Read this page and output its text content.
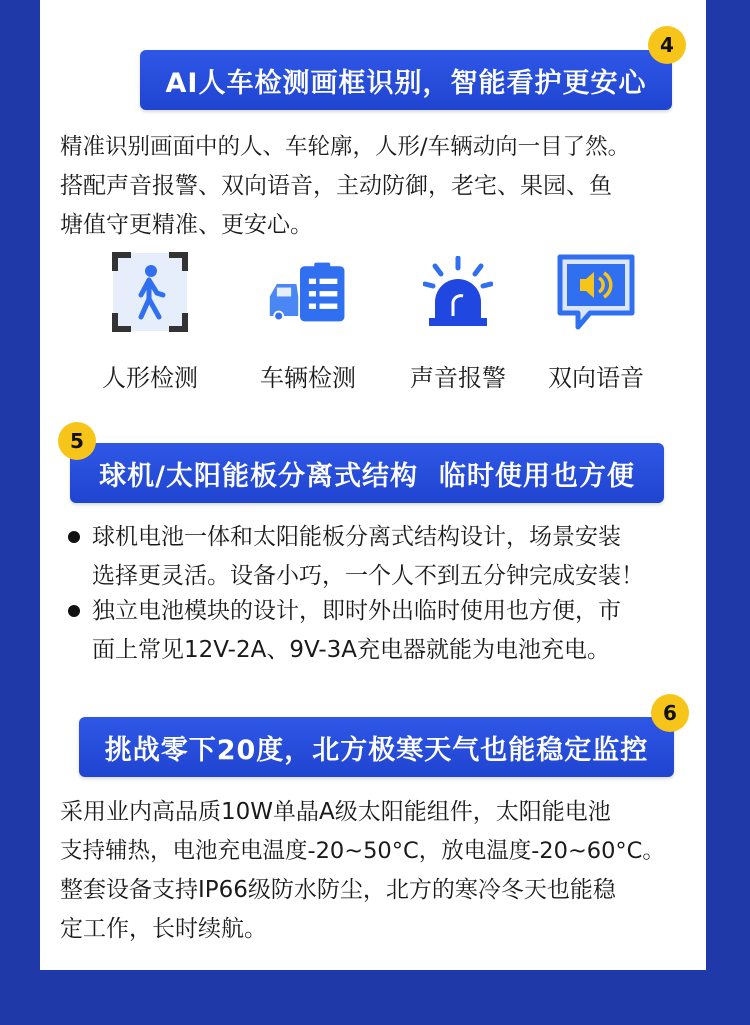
AI人车检测画框识别，智能看护更安心
4
精准识别画面中的人、车轮廓，人形/车辆动向一目了然。
搭配声音报警、双向语音，主动防御，老宅、果园、鱼
塘值守更精准、更安心。
人形检测	车辆检测	声音报警	双向语音
球机/太阳能板分离式结构  临时使用也方便
5
球机电池一体和太阳能板分离式结构设计，场景安装
选择更灵活。设备小巧，一个人不到五分钟完成安装！
独立电池模块的设计，即时外出临时使用也方便，市
面上常见12V-2A、9V-3A充电器就能为电池充电。
挑战零下20度，北方极寒天气也能稳定监控
6
采用业内高品质10W单晶A级太阳能组件，太阳能电池
支持辅热，电池充电温度-20~50°C，放电温度-20~60°C。
整套设备支持IP66级防水防尘，北方的寒冷冬天也能稳
定工作，长时续航。
